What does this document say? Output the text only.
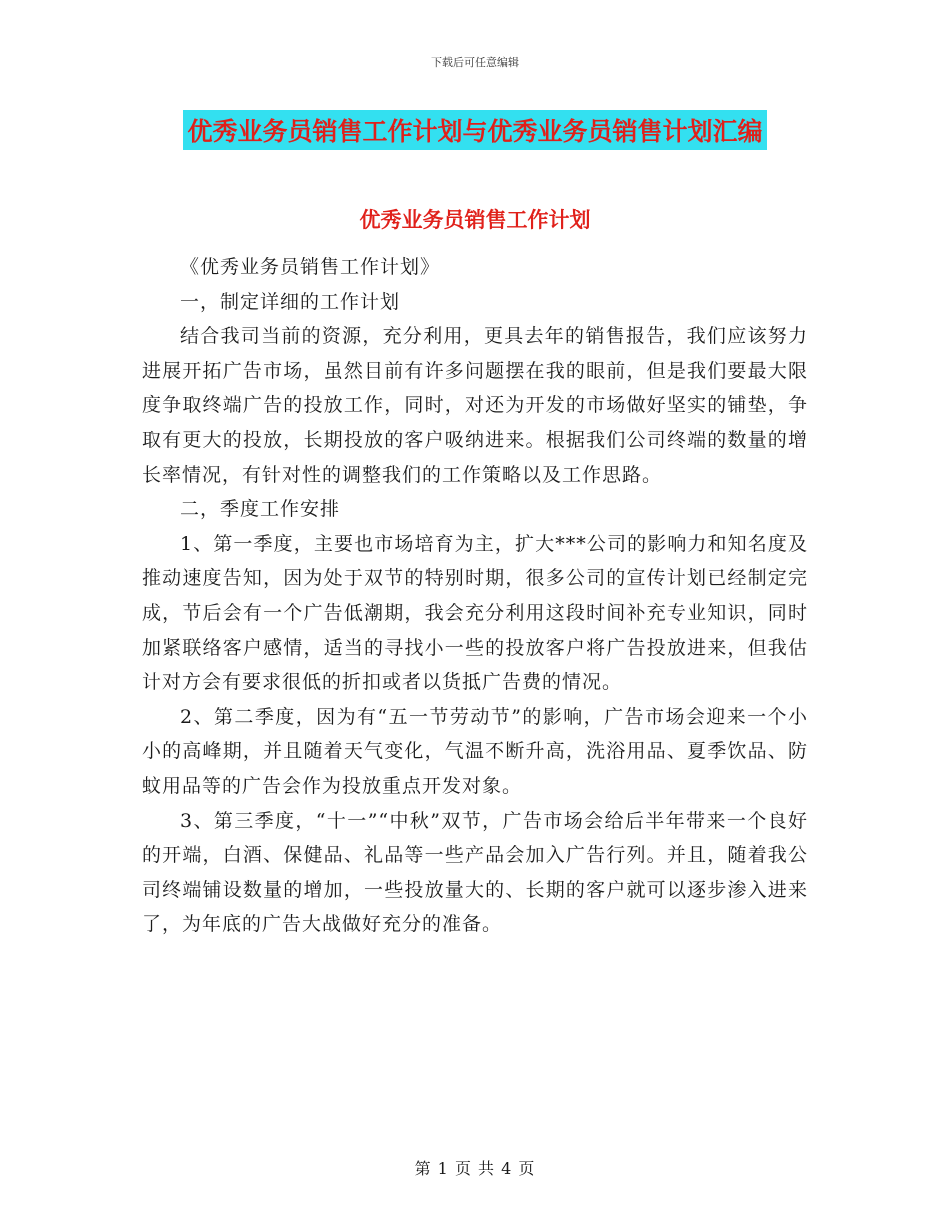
下载后可任意编辑
优秀业务员销售工作计划与优秀业务员销售计划汇编
优秀业务员销售工作计划

《优秀业务员销售工作计划》

一，制定详细的工作计划

结合我司当前的资源，充分利用，更具去年的销售报告，我们应该努力进展开拓广告市场，虽然目前有许多问题摆在我的眼前，但是我们要最大限度争取终端广告的投放工作，同时，对还为开发的市场做好坚实的铺垫，争取有更大的投放，长期投放的客户吸纳进来。根据我们公司终端的数量的增长率情况，有针对性的调整我们的工作策略以及工作思路。

二，季度工作安排

1、第一季度，主要也市场培育为主，扩大***公司的影响力和知名度及推动速度告知，因为处于双节的特别时期，很多公司的宣传计划已经制定完成，节后会有一个广告低潮期，我会充分利用这段时间补充专业知识，同时加紧联络客户感情，适当的寻找小一些的投放客户将广告投放进来，但我估计对方会有要求很低的折扣或者以货抵广告费的情况。

2、第二季度，因为有“五一节劳动节”的影响，广告市场会迎来一个小小的高峰期，并且随着天气变化，气温不断升高，洗浴用品、夏季饮品、防蚊用品等的广告会作为投放重点开发对象。

3、第三季度，“十一”“中秋”双节，广告市场会给后半年带来一个良好的开端，白酒、保健品、礼品等一些产品会加入广告行列。并且，随着我公司终端铺设数量的增加，一些投放量大的、长期的客户就可以逐步渗入进来了，为年底的广告大战做好充分的准备。

第 1 页 共 4 页
